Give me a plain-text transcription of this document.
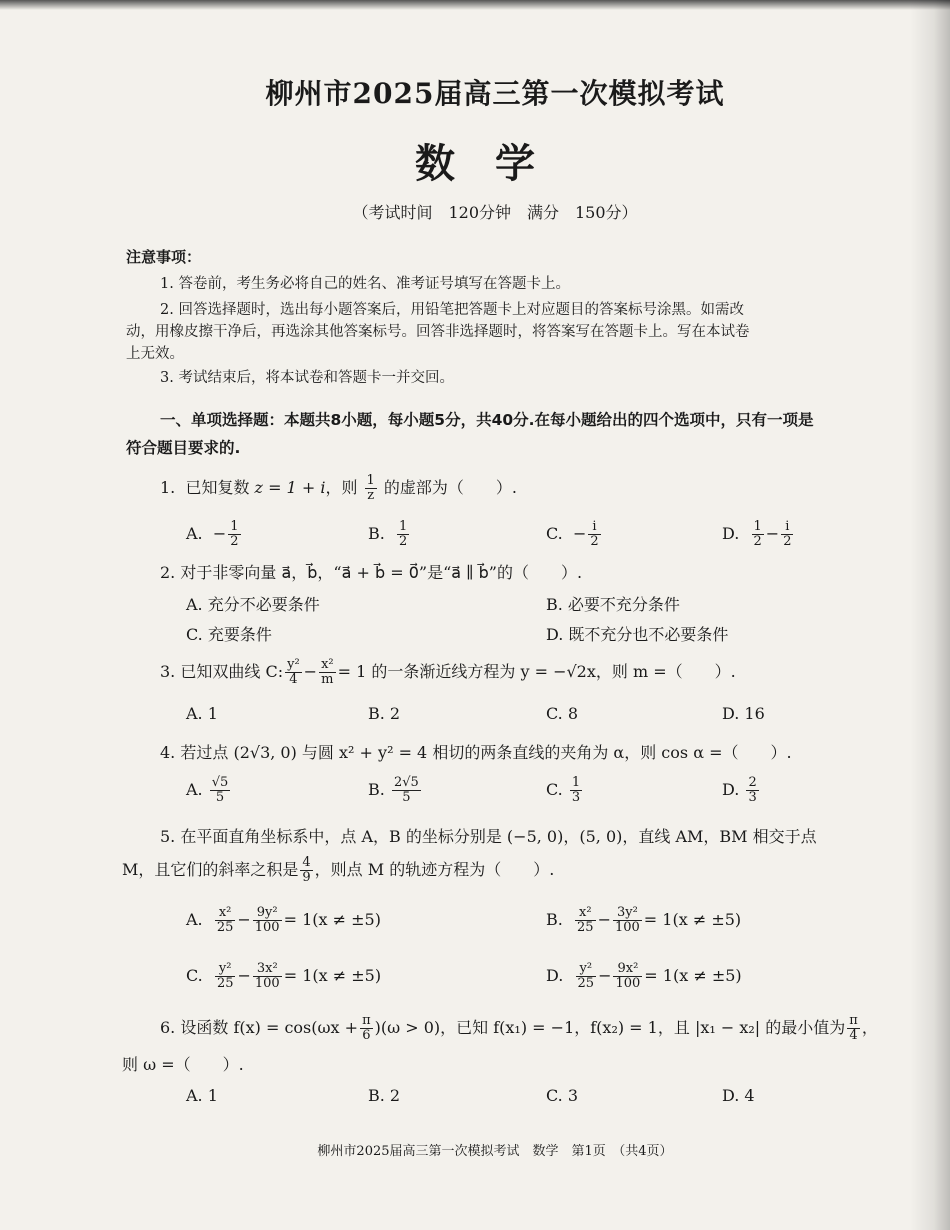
柳州市2025届高三第一次模拟考试
数学
（考试时间　120分钟　满分　150分）
注意事项：
1. 答卷前，考生务必将自己的姓名、准考证号填写在答题卡上。
2. 回答选择题时，选出每小题答案后，用铅笔把答题卡上对应题目的答案标号涂黑。如需改
动，用橡皮擦干净后，再选涂其他答案标号。回答非选择题时，将答案写在答题卡上。写在本试卷
上无效。
3. 考试结束后，将本试卷和答题卡一并交回。
一、单项选择题：本题共8小题，每小题5分，共40分.在每小题给出的四个选项中，只有一项是
符合题目要求的.
1. 已知复数 z = 1 + i，则 $\frac{1}{z}$ 的虚部为（　　）.
A. − $\frac{1}{2}$	B. $\frac{1}{2}$	C. − $\frac{i}{2}$	D. $\frac{1}{2} - \frac{i}{2}$
2. 对于非零向量 a⃗，b⃗，“a⃗ + b⃗ = 0⃗”是“a⃗ ∥ b⃗”的（　　）.
A. 充分不必要条件	B. 必要不充分条件
C. 充要条件	D. 既不充分也不必要条件
3. 已知双曲线 C: $\frac{\text{y²}}{4} - \frac{\text{x²}}{m} = 1$ 的一条渐近线方程为 y = −√2x，则 m =（　　）.
A. 1	B. 2	C. 8	D. 16
4. 若过点 (2√3, 0) 与圆 x² + y² = 4 相切的两条直线的夹角为 α，则 cos α =（　　）.
A. $\frac{√5}{5}$	B. $\frac{2√5}{5}$	C. $\frac{1}{3}$	D. $\frac{2}{3}$
5. 在平面直角坐标系中，点 A，B 的坐标分别是 (−5, 0)，(5, 0)，直线 AM，BM 相交于点
M，且它们的斜率之积是 $\frac{4}{9}$ ，则点 M 的轨迹方程为（　　）.
A. $\frac{\text{x²}}{25} - \frac{\text{9y²}}{100} = 1(x \ne \pm 5)$	B. $\frac{\text{x²}}{25} - \frac{\text{3y²}}{100} = 1(x \ne \pm 5)$
C. $\frac{\text{y²}}{25} - \frac{\text{3x²}}{100} = 1(x \ne \pm 5)$	D. $\frac{\text{y²}}{25} - \frac{\text{9x²}}{100} = 1(x \ne \pm 5)$
6. 设函数 $f(x) = \cos(\omega x + \frac{\pi}{6} )(\omega > 0)$，已知 f(x₁) = −1，f(x₂) = 1，且 |x₁ − x₂| 的最小值为 $\frac{\pi}{4}$ ，
则 ω =（　　）.
A. 1	B. 2	C. 3	D. 4
柳州市2025届高三第一次模拟考试　数学　第1页　（共4页）
